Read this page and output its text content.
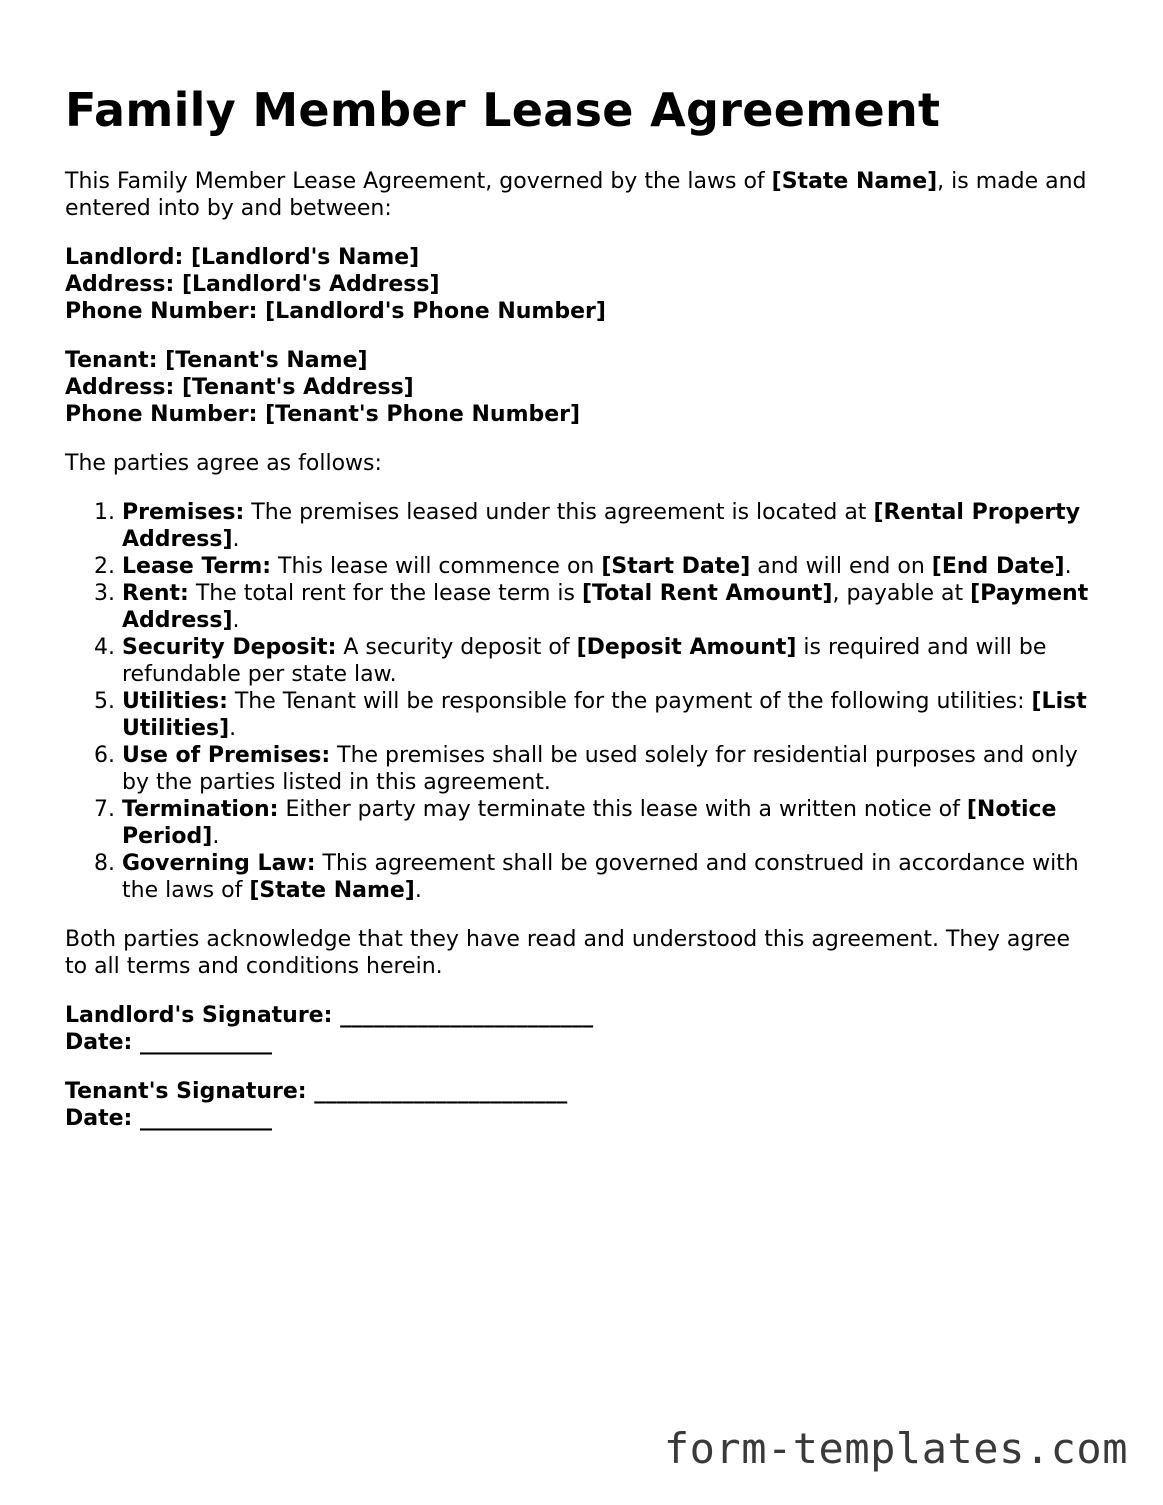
Family Member Lease Agreement

This Family Member Lease Agreement, governed by the laws of [State Name], is made and entered into by and between:

Landlord: [Landlord's Name]
Address: [Landlord's Address]
Phone Number: [Landlord's Phone Number]
Tenant: [Tenant's Name]
Address: [Tenant's Address]
Phone Number: [Tenant's Phone Number]

The parties agree as follows:

1. Premises: The premises leased under this agreement is located at [Rental Property Address].
2. Lease Term: This lease will commence on [Start Date] and will end on [End Date].
3. Rent: The total rent for the lease term is [Total Rent Amount], payable at [Payment Address].
4. Security Deposit: A security deposit of [Deposit Amount] is required and will be refundable per state law.
5. Utilities: The Tenant will be responsible for the payment of the following utilities: [List Utilities].
6. Use of Premises: The premises shall be used solely for residential purposes and only by the parties listed in this agreement.
7. Termination: Either party may terminate this lease with a written notice of [Notice Period].
8. Governing Law: This agreement shall be governed and construed in accordance with the laws of [State Name].

Both parties acknowledge that they have read and understood this agreement. They agree to all terms and conditions herein.

Landlord's Signature: _______________________
Date: ____________
Tenant's Signature: _______________________
Date: ____________
form-templates.com
